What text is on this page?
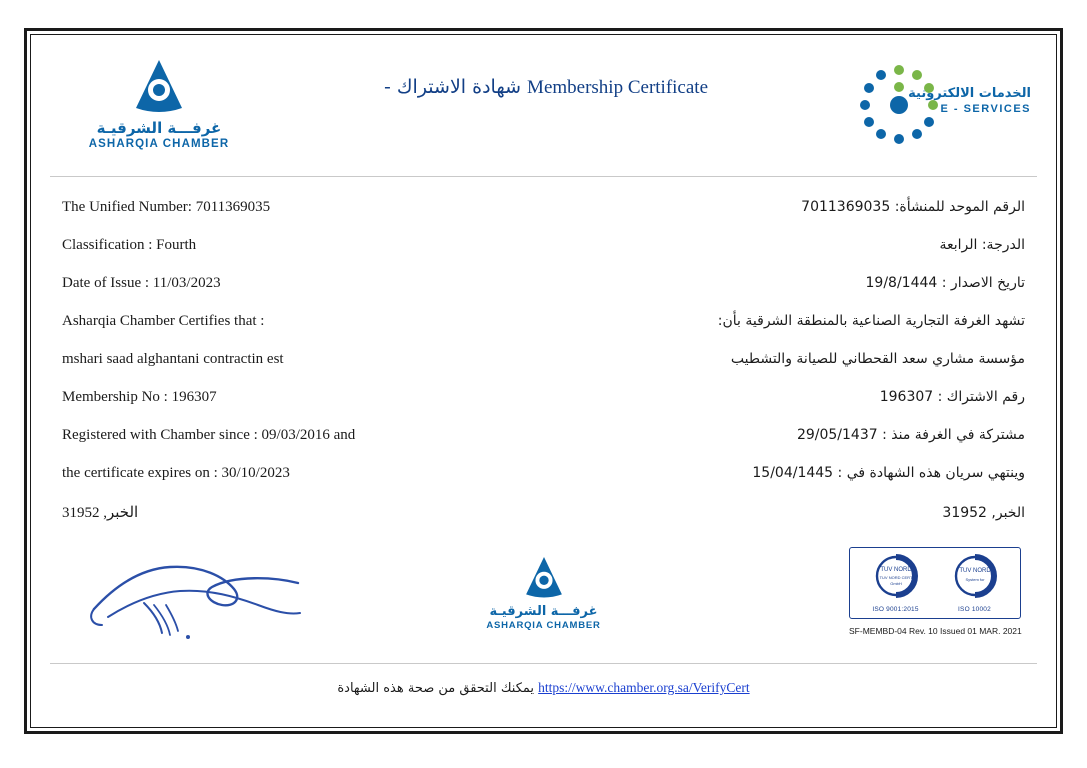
غرفـــة الشرقيـة
ASHARQIA CHAMBER
Membership Certificate شهادة الاشتراك -	الخدمات الالكترونية
E - SERVICES
The Unified Number: 7011369035	الرقم الموحد للمنشأة: 7011369035
Classification : Fourth	الدرجة: الرابعة
Date of Issue : 11/03/2023	تاريخ الاصدار : 19/8/1444
Asharqia Chamber Certifies that :	تشهد الغرفة التجارية الصناعية بالمنطقة الشرقية بأن:
mshari saad alghantani contractin est	مؤسسة مشاري سعد القحطاني للصيانة والتشطيب
Membership No : 196307	رقم الاشتراك : 196307
Registered with Chamber since : 09/03/2016 and	مشتركة في الغرفة منذ : 29/05/1437
the certificate expires on : 30/10/2023	وينتهي سريان هذه الشهادة في : 15/04/1445
31952 ,الخبر	الخبر, 31952
غرفـــة الشرقيـة
ASHARQIA CHAMBER
TUV NORD
TUV NORD CERT
GmbH
ISO 9001:2015
TUV NORD
System for
ISO 10002
SF-MEMBD-04 Rev. 10 Issued 01 MAR. 2021
https://www.chamber.org.sa/VerifyCert يمكنك التحقق من صحة هذه الشهادة
